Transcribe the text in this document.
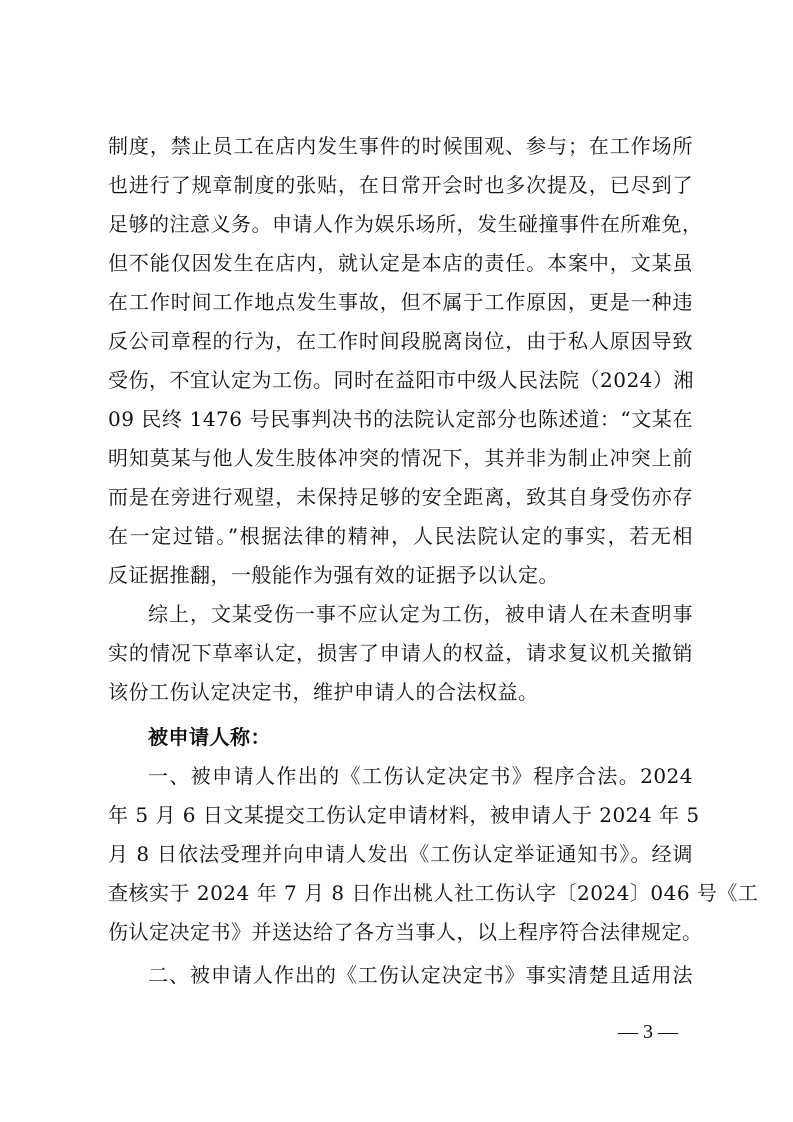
制度，禁止员工在店内发生事件的时候围观、参与；在工作场所
也进行了规章制度的张贴，在日常开会时也多次提及，已尽到了
足够的注意义务。申请人作为娱乐场所，发生碰撞事件在所难免，
但不能仅因发生在店内，就认定是本店的责任。本案中，文某虽
在工作时间工作地点发生事故，但不属于工作原因，更是一种违
反公司章程的行为，在工作时间段脱离岗位，由于私人原因导致
受伤，不宜认定为工伤。同时在益阳市中级人民法院（2024）湘
09 民终 1476 号民事判决书的法院认定部分也陈述道：“文某在
明知莫某与他人发生肢体冲突的情况下，其并非为制止冲突上前
而是在旁进行观望，未保持足够的安全距离，致其自身受伤亦存
在一定过错。”根据法律的精神，人民法院认定的事实，若无相
反证据推翻，一般能作为强有效的证据予以认定。
综上，文某受伤一事不应认定为工伤，被申请人在未查明事
实的情况下草率认定，损害了申请人的权益，请求复议机关撤销
该份工伤认定决定书，维护申请人的合法权益。
被申请人称：
一、被申请人作出的《工伤认定决定书》程序合法。2024
年 5 月 6 日文某提交工伤认定申请材料，被申请人于 2024 年 5
月 8 日依法受理并向申请人发出《工伤认定举证通知书》。经调
查核实于 2024 年 7 月 8 日作出桃人社工伤认字〔2024〕046 号《工
伤认定决定书》并送达给了各方当事人，以上程序符合法律规定。
二、被申请人作出的《工伤认定决定书》事实清楚且适用法
— 3 —
